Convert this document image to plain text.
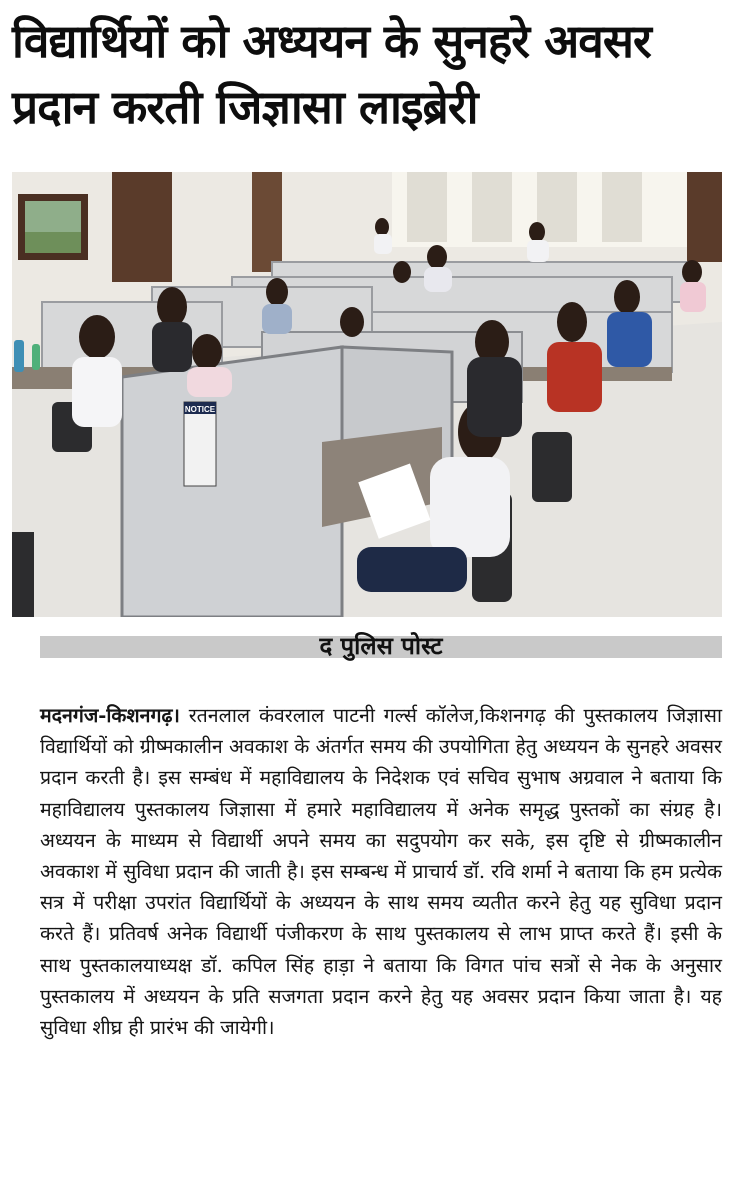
विद्यार्थियों को अध्ययन के सुनहरे अवसर
प्रदान करती जिज्ञासा लाइब्रेरी
NOTICE
द पुलिस पोस्ट
मदनगंज-किशनगढ़। रतनलाल कंवरलाल पाटनी गर्ल्स कॉलेज,किशनगढ़ की पुस्तकालय जिज्ञासा विद्यार्थियों को ग्रीष्मकालीन अवकाश के अंतर्गत समय की उपयोगिता हेतु अध्ययन के सुनहरे अवसर प्रदान करती है। इस सम्बंध में महाविद्यालय के निदेशक एवं सचिव सुभाष अग्रवाल ने बताया कि महाविद्यालय पुस्तकालय जिज्ञासा में हमारे महाविद्यालय में अनेक समृद्ध पुस्तकों का संग्रह है। अध्ययन के माध्यम से विद्यार्थी अपने समय का सदुपयोग कर सके, इस दृष्टि से ग्रीष्मकालीन अवकाश में सुविधा प्रदान की जाती है। इस सम्बन्ध में प्राचार्य डॉ. रवि शर्मा ने बताया कि हम प्रत्येक सत्र में परीक्षा उपरांत विद्यार्थियों के अध्ययन के साथ समय व्यतीत करने हेतु यह सुविधा प्रदान करते हैं। प्रतिवर्ष अनेक विद्यार्थी पंजीकरण के साथ पुस्तकालय से लाभ प्राप्त करते हैं। इसी के साथ पुस्तकालयाध्यक्ष डॉ. कपिल सिंह हाड़ा ने बताया कि विगत पांच सत्रों से नेक के अनुसार पुस्तकालय में अध्ययन के प्रति सजगता प्रदान करने हेतु यह अवसर प्रदान किया जाता है। यह सुविधा शीघ्र ही प्रारंभ की जायेगी।
